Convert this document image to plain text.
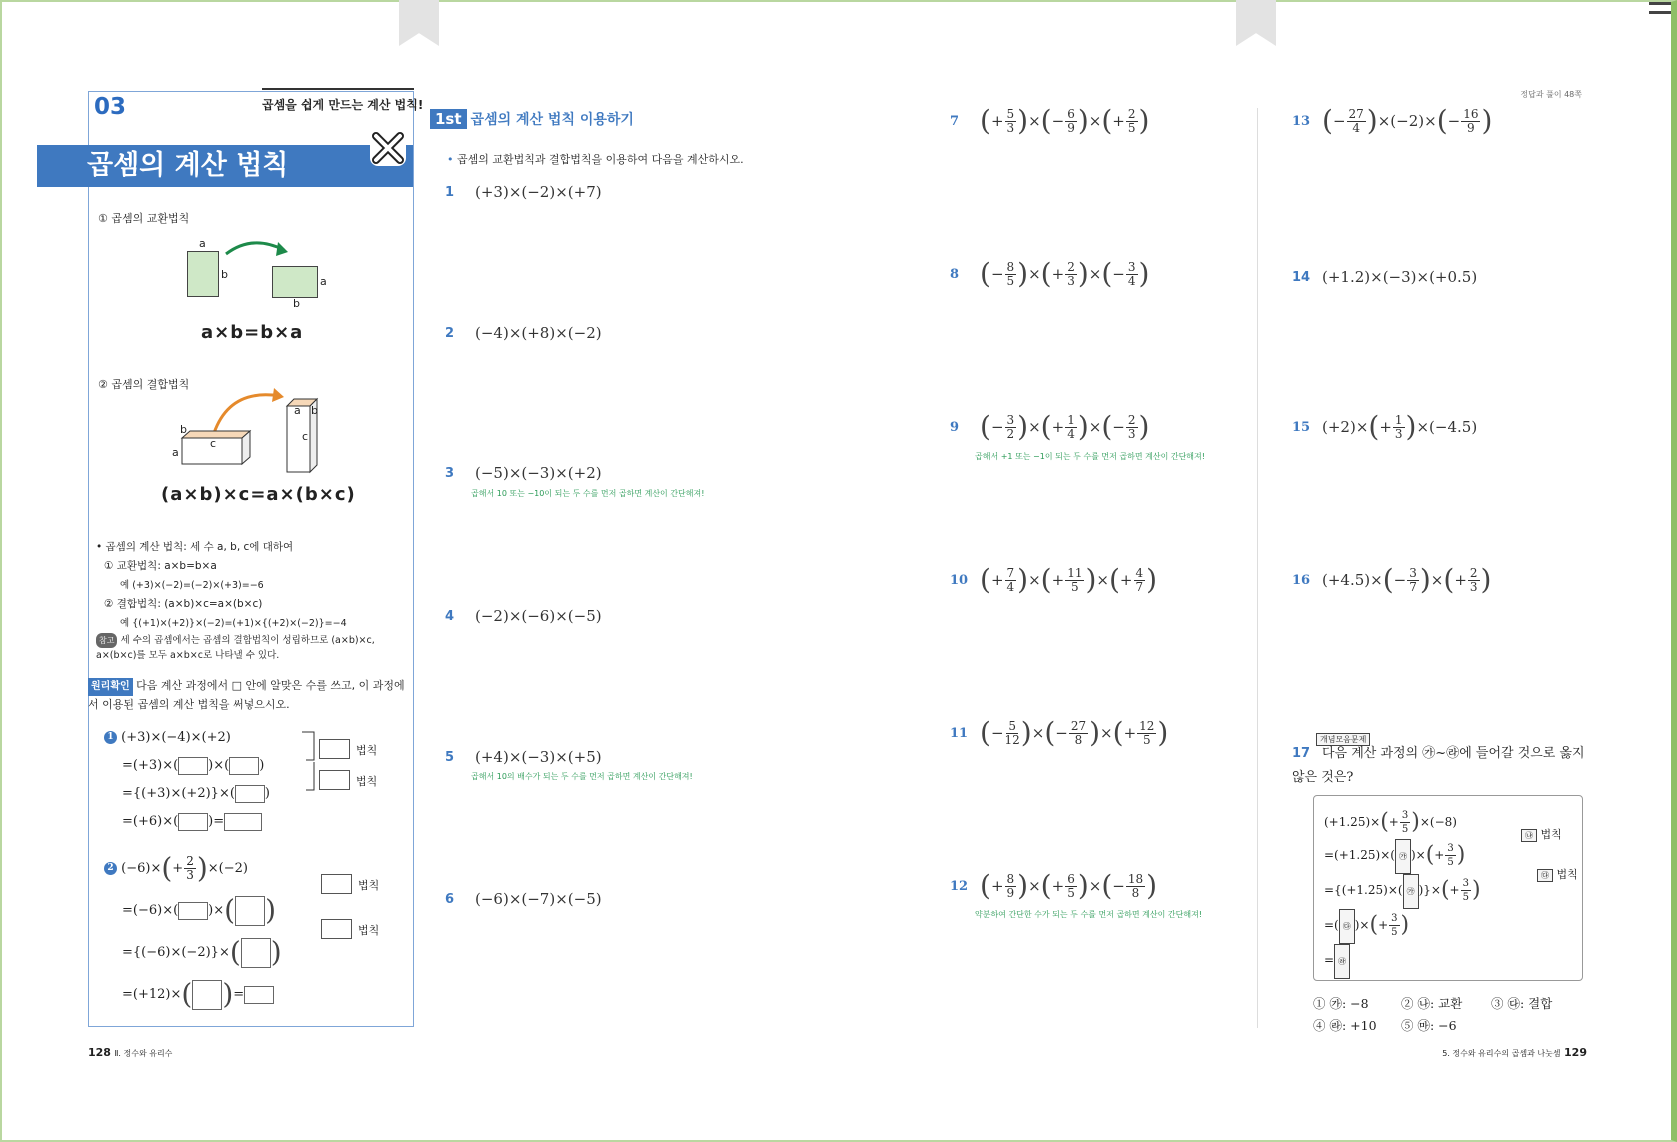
03	곱셈을 쉽게 만드는 계산 법칙!
곱셈의 계산 법칙
① 곱셈의 교환법칙
a
b
a
b
a×b=b×a
② 곱셈의 결합법칙
b
a
c
a b
c
(a×b)×c=a×(b×c)
• 곱셈의 계산 법칙: 세 수 a, b, c에 대하여
① 교환법칙: a×b=b×a
예 (+3)×(−2)=(−2)×(+3)=−6
② 결합법칙: (a×b)×c=a×(b×c)
예 {(+1)×(+2)}×(−2)=(+1)×{(+2)×(−2)}=−4
참고 세 수의 곱셈에서는 곱셈의 결합법칙이 성립하므로 (a×b)×c, a×(b×c)를 모두 a×b×c로 나타낼 수 있다.
원리확인 다음 계산 과정에서 □ 안에 알맞은 수를 쓰고, 이 과정에서 이용된 곱셈의 계산 법칙을 써넣으시오.
1 (+3)×(−4)×(+2)
=(+3)×( )×( )
={(+3)×(+2)}×( )
=(+6)×( )=
법칙
법칙
2 $(-6)\times(+ \frac{2}{3} )\times(-2)$
=(−6)×( )×( )
={(−6)×(−2)}×( )
=(+12)×( )=
법칙
법칙
128 Ⅱ. 정수와 유리수
1st 곱셈의 계산 법칙 이용하기
• 곱셈의 교환법칙과 결합법칙을 이용하여 다음을 계산하시오.
정답과 풀이 48쪽
1	(+3)×(−2)×(+7)
2	(−4)×(+8)×(−2)
3	(−5)×(−3)×(+2)
곱해서 10 또는 −10이 되는 두 수를 먼저 곱하면 계산이 간단해져!
4	(−2)×(−6)×(−5)
5	(+4)×(−3)×(+5)
곱해서 10의 배수가 되는 두 수를 먼저 곱하면 계산이 간단해져!
6	(−6)×(−7)×(−5)
7 ( + $\frac{5}{3}$ ) × ( − $\frac{6}{9}$ ) × ( + $\frac{2}{5}$ )
8 ( − $\frac{8}{5}$ ) × ( + $\frac{2}{3}$ ) × ( − $\frac{3}{4}$ )
9 ( − $\frac{3}{2}$ ) × ( + $\frac{1}{4}$ ) × ( − $\frac{2}{3}$ )
곱해서 +1 또는 −1이 되는 두 수를 먼저 곱하면 계산이 간단해져!
10 ( + $\frac{7}{4}$ ) × ( + $\frac{11}{5}$ ) × ( + $\frac{4}{7}$ )
11 ( − $\frac{5}{12}$ ) × ( − $\frac{27}{8}$ ) × ( + $\frac{12}{5}$ )
12 ( + $\frac{8}{9}$ ) × ( + $\frac{6}{5}$ ) × ( − $\frac{18}{8}$ )
약분하여 간단한 수가 되는 두 수를 먼저 곱하면 계산이 간단해져!
13 ( − $\frac{27}{4}$ ) ×(−2)× ( − $\frac{16}{9}$ )
14 (+1.2)×(−3)×(+0.5)
15 (+2)× ( + $\frac{1}{3}$ ) ×(−4.5)
16 (+4.5)× ( − $\frac{3}{7}$ ) × ( + $\frac{2}{3}$ )
개념모음문제
17 다음 계산 과정의 ㉮~㉱에 들어갈 것으로 옳지 않은 것은?
$(+1.25)\times(+ \frac{3}{5} )\times(-8)$
=(+1.25)×( ㉮ )×(+ $\frac{3}{5}$ )
={(+1.25)×( ㉮ )}×(+ $\frac{3}{5}$ )
=( ㉰ )×(+ $\frac{3}{5}$ )
= ㉱
㉯ 법칙
㉰ 법칙
① ㉮: −8	② ㉯: 교환 ③ ㉰: 결합
④ ㉱: +10 ⑤ ㉲: −6
5. 정수와 유리수의 곱셈과 나눗셈 129
